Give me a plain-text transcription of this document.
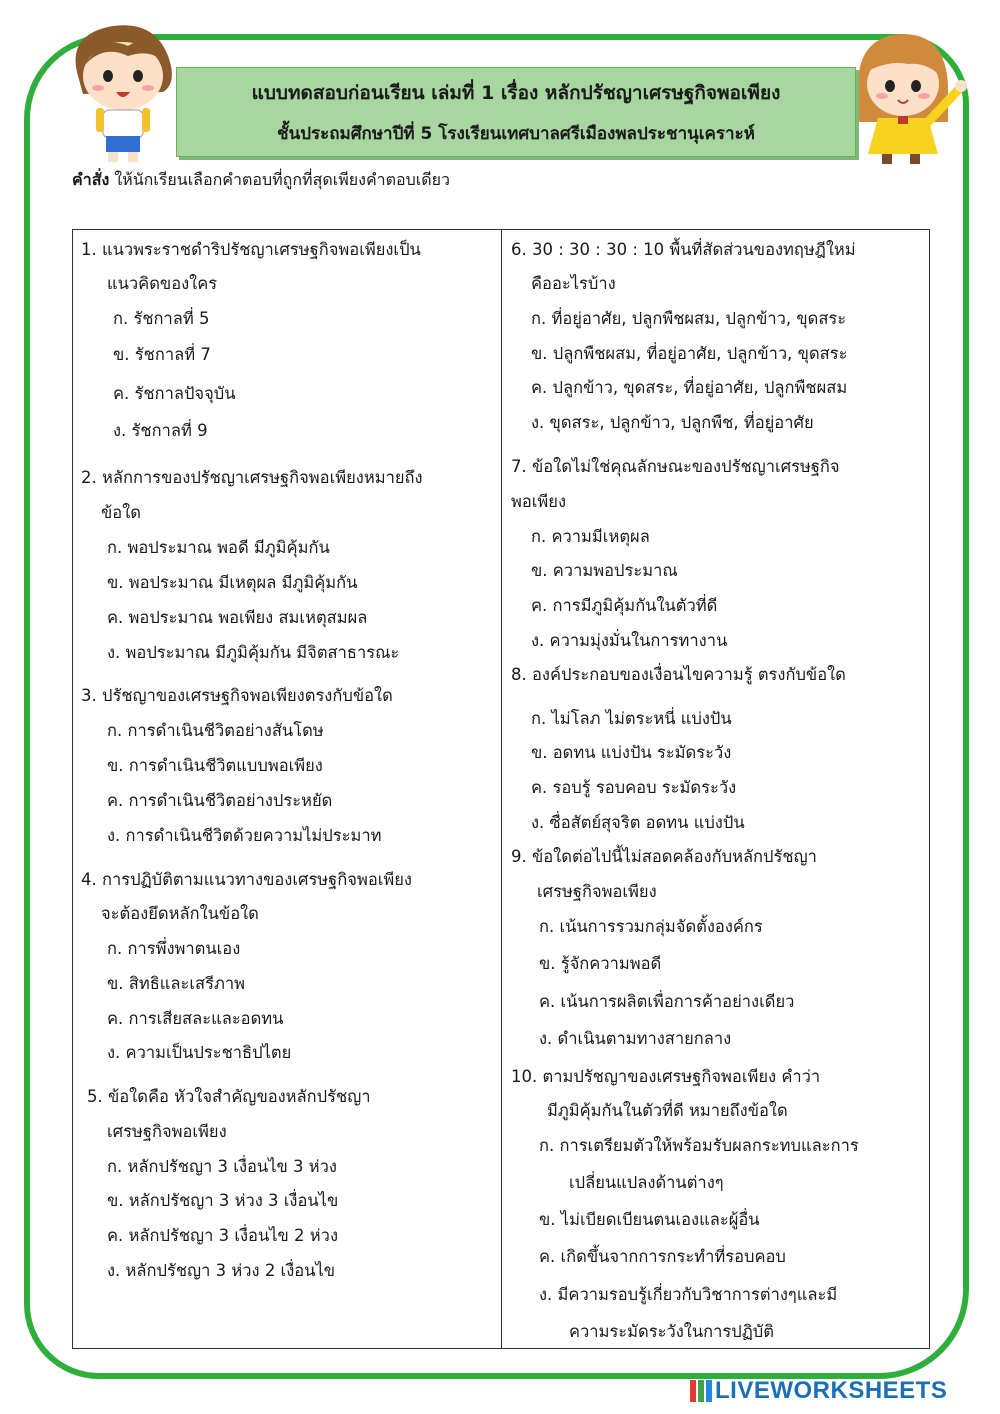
แบบทดสอบก่อนเรียน เล่มที่ 1 เรื่อง หลักปรัชญาเศรษฐกิจพอเพียง
ชั้นประถมศึกษาปีที่ 5 โรงเรียนเทศบาลศรีเมืองพลประชานุเคราะห์
คำสั่ง ให้นักเรียนเลือกคำตอบที่ถูกที่สุดเพียงคำตอบเดียว
1. แนวพระราชดำริปรัชญาเศรษฐกิจพอเพียงเป็น
แนวคิดของใคร
ก. รัชกาลที่ 5
ข. รัชกาลที่ 7
ค. รัชกาลปัจจุบัน
ง. รัชกาลที่ 9
2. หลักการของปรัชญาเศรษฐกิจพอเพียงหมายถึง
ข้อใด
ก. พอประมาณ พอดี มีภูมิคุ้มกัน
ข. พอประมาณ มีเหตุผล มีภูมิคุ้มกัน
ค. พอประมาณ พอเพียง สมเหตุสมผล
ง. พอประมาณ มีภูมิคุ้มกัน มีจิตสาธารณะ
3. ปรัชญาของเศรษฐกิจพอเพียงตรงกับข้อใด
ก. การดำเนินชีวิตอย่างสันโดษ
ข. การดำเนินชีวิตแบบพอเพียง
ค. การดำเนินชีวิตอย่างประหยัด
ง. การดำเนินชีวิตด้วยความไม่ประมาท
4. การปฏิบัติตามแนวทางของเศรษฐกิจพอเพียง
จะต้องยึดหลักในข้อใด
ก. การพึ่งพาตนเอง
ข. สิทธิและเสรีภาพ
ค. การเสียสละและอดทน
ง. ความเป็นประชาธิปไตย
5. ข้อใดคือ หัวใจสำคัญของหลักปรัชญา
เศรษฐกิจพอเพียง
ก. หลักปรัชญา 3 เงื่อนไข 3 ห่วง
ข. หลักปรัชญา 3 ห่วง 3 เงื่อนไข
ค. หลักปรัชญา 3 เงื่อนไข 2 ห่วง
ง. หลักปรัชญา 3 ห่วง 2 เงื่อนไข
6. 30 : 30 : 30 : 10 พื้นที่สัดส่วนของทฤษฎีใหม่
คืออะไรบ้าง
ก. ที่อยู่อาศัย, ปลูกพืชผสม, ปลูกข้าว, ขุดสระ
ข. ปลูกพืชผสม, ที่อยู่อาศัย, ปลูกข้าว, ขุดสระ
ค. ปลูกข้าว, ขุดสระ, ที่อยู่อาศัย, ปลูกพืชผสม
ง. ขุดสระ, ปลูกข้าว, ปลูกพืช, ที่อยู่อาศัย
7. ข้อใดไม่ใช่คุณลักษณะของปรัชญาเศรษฐกิจ
พอเพียง
ก. ความมีเหตุผล
ข. ความพอประมาณ
ค. การมีภูมิคุ้มกันในตัวที่ดี
ง. ความมุ่งมั่นในการทางาน
8. องค์ประกอบของเงื่อนไขความรู้ ตรงกับข้อใด
ก. ไม่โลภ ไม่ตระหนี่ แบ่งปัน
ข. อดทน แบ่งปัน ระมัดระวัง
ค. รอบรู้ รอบคอบ ระมัดระวัง
ง. ซื่อสัตย์สุจริต อดทน แบ่งปัน
9. ข้อใดต่อไปนี้ไม่สอดคล้องกับหลักปรัชญา
เศรษฐกิจพอเพียง
ก. เน้นการรวมกลุ่มจัดตั้งองค์กร
ข. รู้จักความพอดี
ค. เน้นการผลิตเพื่อการค้าอย่างเดียว
ง. ดำเนินตามทางสายกลาง
10. ตามปรัชญาของเศรษฐกิจพอเพียง คำว่า
มีภูมิคุ้มกันในตัวที่ดี หมายถึงข้อใด
ก. การเตรียมตัวให้พร้อมรับผลกระทบและการ
เปลี่ยนแปลงด้านต่างๆ
ข. ไม่เบียดเบียนตนเองและผู้อื่น
ค. เกิดขึ้นจากการกระทำที่รอบคอบ
ง. มีความรอบรู้เกี่ยวกับวิชาการต่างๆและมี
ความระมัดระวังในการปฏิบัติ
LIVEWORKSHEETS
